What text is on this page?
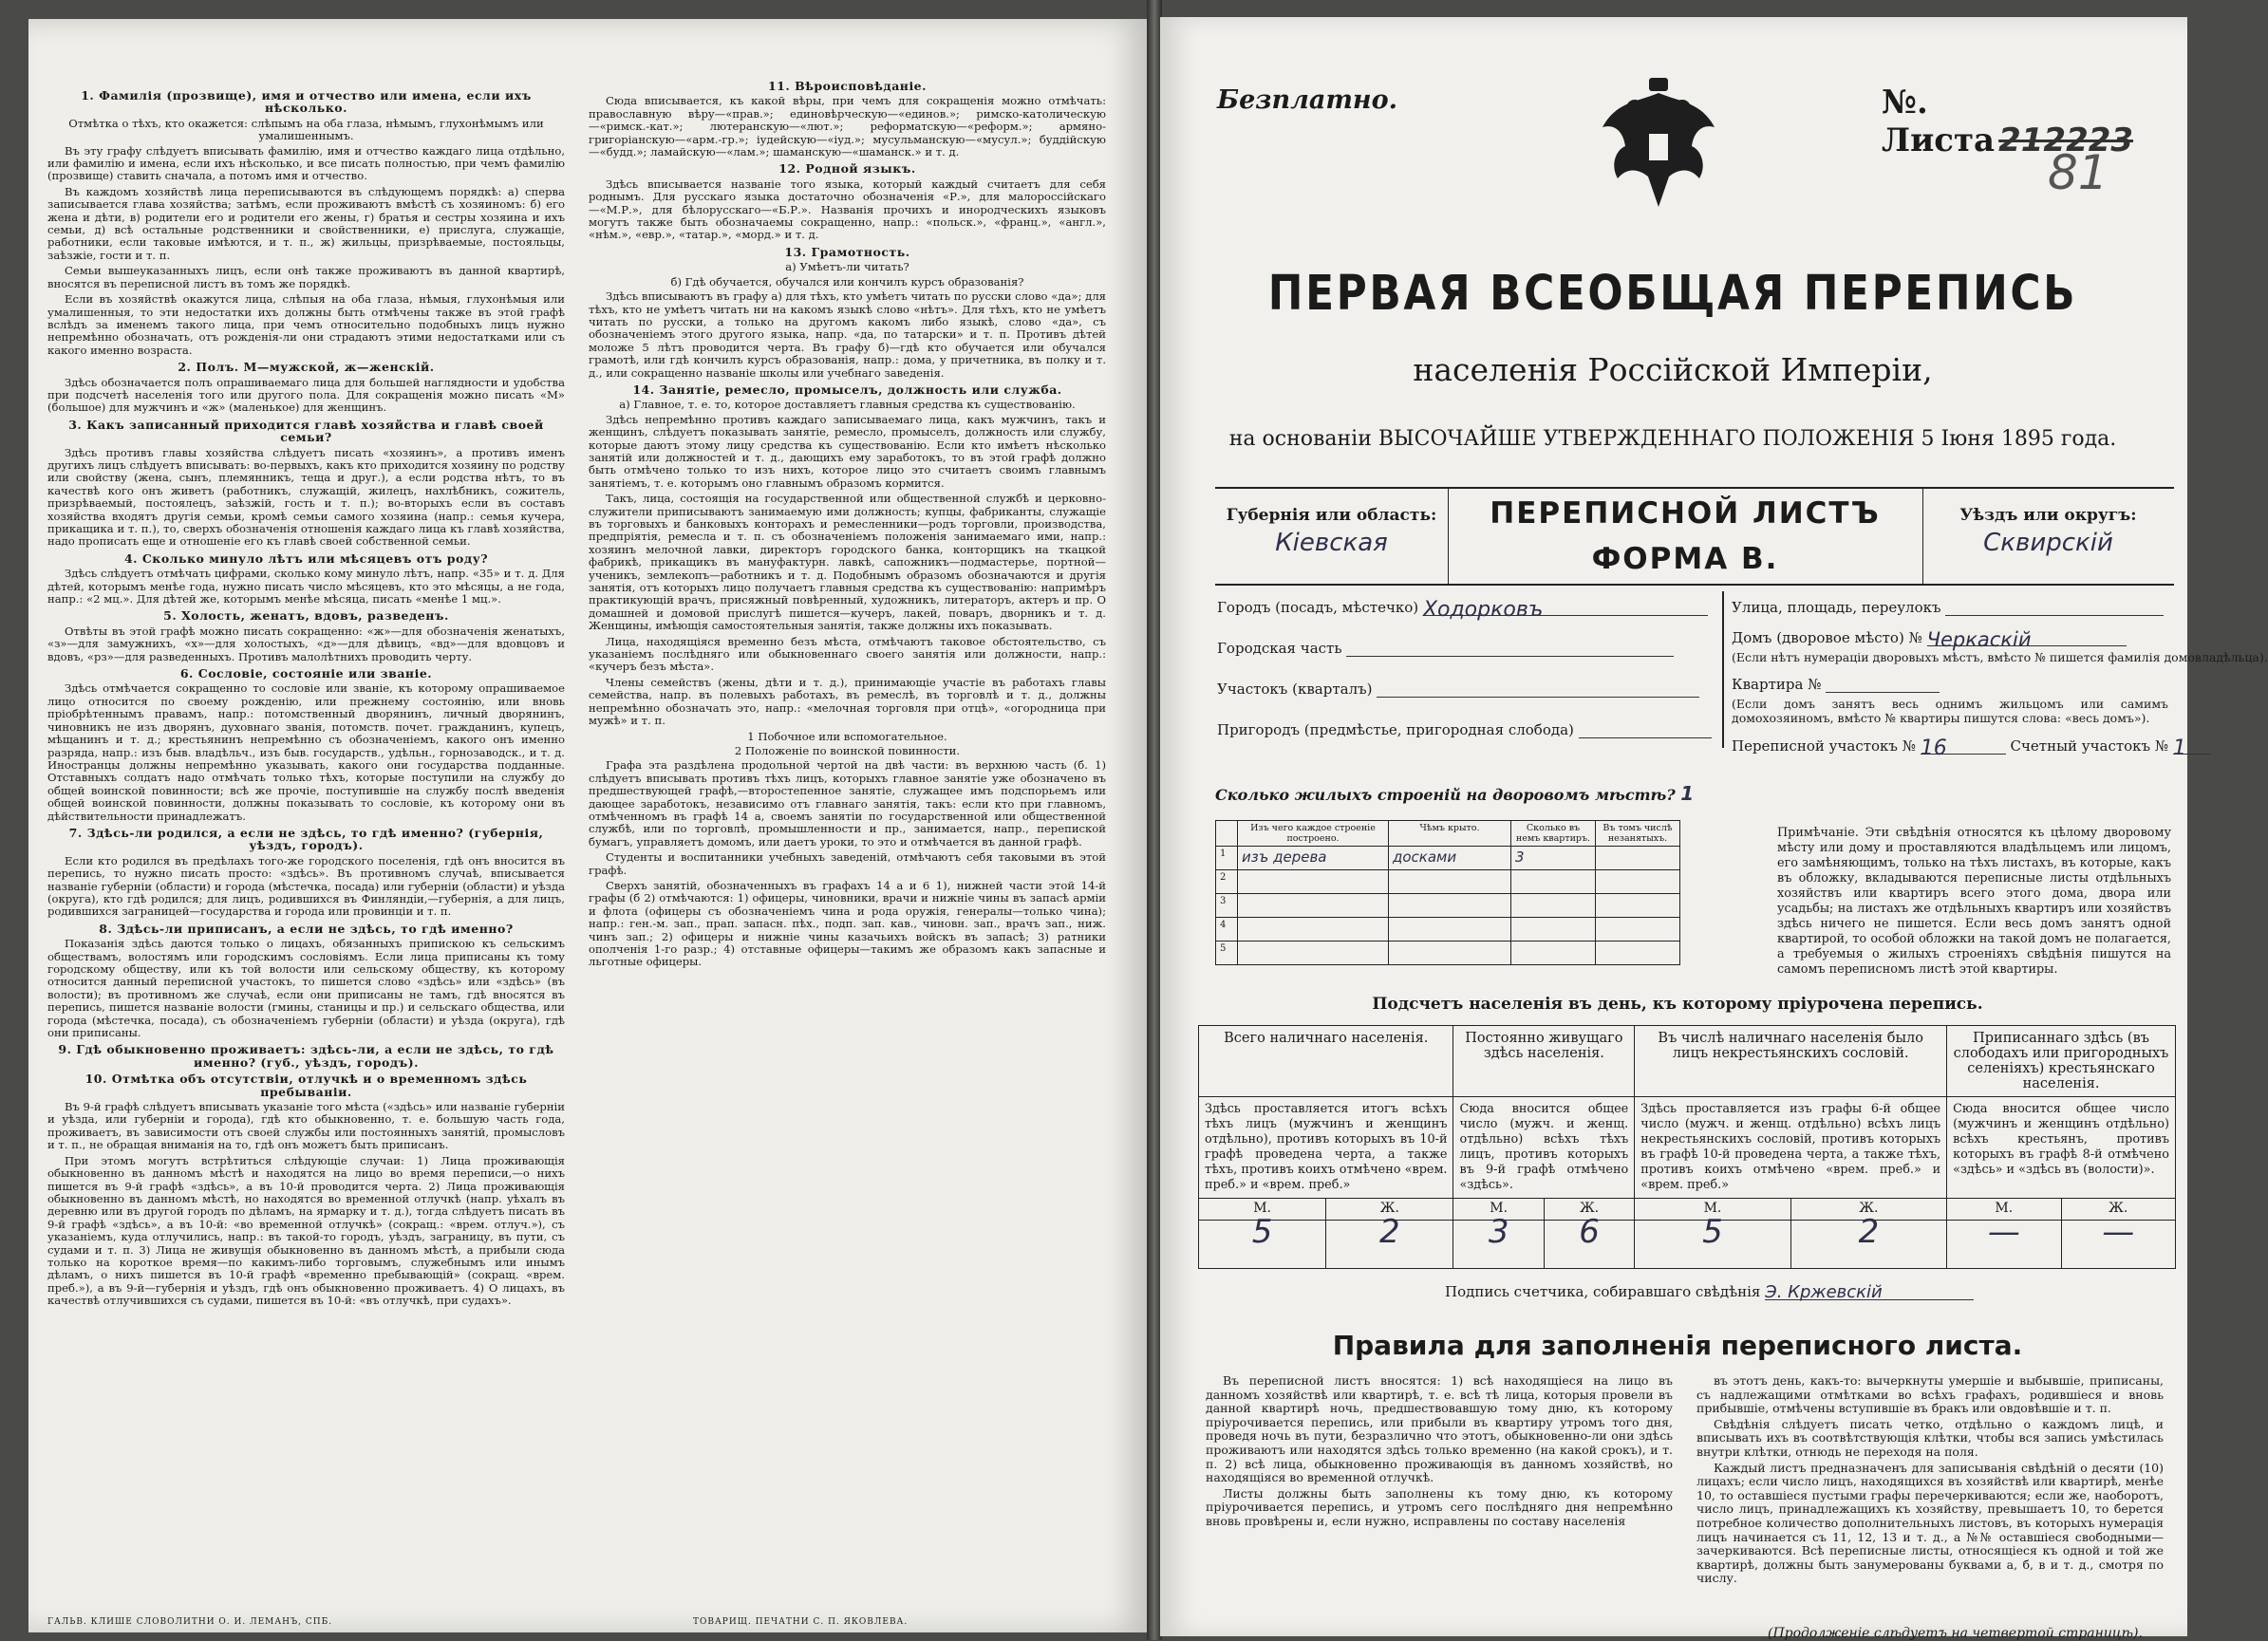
1. Фамилія (прозвище), имя и отчество или имена, если ихъ нѣсколько.
Отмѣтка о тѣхъ, кто окажется: слѣпымъ на оба глаза, нѣмымъ, глухонѣмымъ или умалишеннымъ.

Въ эту графу слѣдуетъ вписывать фамилію, имя и отчество каждаго лица отдѣльно, или фамилію и имена, если ихъ нѣсколько, и все писать полностью, при чемъ фамилію (прозвище) ставить сначала, а потомъ имя и отчество.

Въ каждомъ хозяйствѣ лица переписываются въ слѣдующемъ порядкѣ: а) сперва записывается глава хозяйства; затѣмъ, если проживаютъ вмѣстѣ съ хозяиномъ: б) его жена и дѣти, в) родители его и родители его жены, г) братья и сестры хозяина и ихъ семьи, д) всѣ остальные родственники и свойственники, е) прислуга, служащіе, работники, если таковые имѣются, и т. п., ж) жильцы, призрѣваемые, постояльцы, заѣзжіе, гости и т. п.

Семьи вышеуказанныхъ лицъ, если онѣ также проживаютъ въ данной квартирѣ, вносятся въ переписной листъ въ томъ же порядкѣ.

Если въ хозяйствѣ окажутся лица, слѣпыя на оба глаза, нѣмыя, глухонѣмыя или умалишенныя, то эти недостатки ихъ должны быть отмѣчены также въ этой графѣ вслѣдъ за именемъ такого лица, при чемъ относительно подобныхъ лицъ нужно непремѣнно обозначать, отъ рожденія-ли они страдаютъ этими недостатками или съ какого именно возраста.

2. Полъ. М—мужской, ж—женскій.

Здѣсь обозначается полъ опрашиваемаго лица для большей наглядности и удобства при подсчетѣ населенія того или другого пола. Для сокращенія можно писать «М» (большое) для мужчинъ и «ж» (маленькое) для женщинъ.

3. Какъ записанный приходится главѣ хозяйства и главѣ своей семьи?

Здѣсь противъ главы хозяйства слѣдуетъ писать «хозяинъ», а противъ именъ другихъ лицъ слѣдуетъ вписывать: во-первыхъ, какъ кто приходится хозяину по родству или свойству (жена, сынъ, племянникъ, теща и друг.), а если родства нѣтъ, то въ качествѣ кого онъ живетъ (работникъ, служащій, жилецъ, нахлѣбникъ, сожитель, призрѣваемый, постоялецъ, заѣзжій, гость и т. п.); во-вторыхъ если въ составъ хозяйства входятъ другія семьи, кромѣ семьи самого хозяина (напр.: семья кучера, прикащика и т. п.), то, сверхъ обозначенія отношенія каждаго лица къ главѣ хозяйства, надо прописать еще и отношеніе его къ главѣ своей собственной семьи.

4. Сколько минуло лѣтъ или мѣсяцевъ отъ роду?

Здѣсь слѣдуетъ отмѣчать цифрами, сколько кому минуло лѣтъ, напр. «35» и т. д. Для дѣтей, которымъ менѣе года, нужно писать число мѣсяцевъ, кто это мѣсяцы, а не года, напр.: «2 мц.». Для дѣтей же, которымъ менѣе мѣсяца, писать «менѣе 1 мц.».

5. Холость, женатъ, вдовъ, разведенъ.

Отвѣты въ этой графѣ можно писать сокращенно: «ж»—для обозначенія женатыхъ, «з»—для замужнихъ, «х»—для холостыхъ, «д»—для дѣвицъ, «вд»—для вдовцовъ и вдовъ, «рз»—для разведенныхъ. Противъ малолѣтнихъ проводить черту.

6. Сословіе, состояніе или званіе.

Здѣсь отмѣчается сокращенно то сословіе или званіе, къ которому опрашиваемое лицо относится по своему рожденію, или прежнему состоянію, или вновь пріобрѣтеннымъ правамъ, напр.: потомственный дворянинъ, личный дворянинъ, чиновникъ не изъ дворянъ, духовнаго званія, потомств. почет. гражданинъ, купецъ, мѣщанинъ и т. д.; крестьянинъ непремѣнно съ обозначеніемъ, какого онъ именно разряда, напр.: изъ быв. владѣльч., изъ быв. государств., удѣльн., горнозаводск., и т. д. Иностранцы должны непремѣнно указывать, какого они государства подданные. Отставныхъ солдатъ надо отмѣчать только тѣхъ, которые поступили на службу до общей воинской повинности; всѣ же прочіе, поступившіе на службу послѣ введенія общей воинской повинности, должны показывать то сословіе, къ которому они въ дѣйствительности принадлежатъ.

7. Здѣсь-ли родился, а если не здѣсь, то гдѣ именно? (губернія, уѣздъ, городъ).

Если кто родился въ предѣлахъ того-же городского поселенія, гдѣ онъ вносится въ перепись, то нужно писать просто: «здѣсь». Въ противномъ случаѣ, вписывается названіе губерніи (области) и города (мѣстечка, посада) или губерніи (области) и уѣзда (округа), кто гдѣ родился; для лицъ, родившихся въ Финляндіи,—губернія, а для лицъ, родившихся заграницей—государства и города или провинціи и т. п.

8. Здѣсь-ли приписанъ, а если не здѣсь, то гдѣ именно?

Показанія здѣсь даются только о лицахъ, обязанныхъ припискою къ сельскимъ обществамъ, волостямъ или городскимъ сословіямъ. Если лица приписаны къ тому городскому обществу, или къ той волости или сельскому обществу, къ которому относится данный переписной участокъ, то пишется слово «здѣсь» или «здѣсь» (въ волости); въ противномъ же случаѣ, если они приписаны не тамъ, гдѣ вносятся въ перепись, пишется названіе волости (гмины, станицы и пр.) и сельскаго общества, или города (мѣстечка, посада), съ обозначеніемъ губерніи (области) и уѣзда (округа), гдѣ они приписаны.

9. Гдѣ обыкновенно проживаетъ: здѣсь-ли, а если не здѣсь, то гдѣ именно? (губ., уѣздъ, городъ).
10. Отмѣтка объ отсутствіи, отлучкѣ и о временномъ здѣсь пребываніи.

Въ 9-й графѣ слѣдуетъ вписывать указаніе того мѣста («здѣсь» или названіе губерніи и уѣзда, или губерніи и города), гдѣ кто обыкновенно, т. е. большую часть года, проживаетъ, въ зависимости отъ своей службы или постоянныхъ занятій, промысловъ и т. п., не обращая вниманія на то, гдѣ онъ можетъ быть приписанъ.

При этомъ могутъ встрѣтиться слѣдующіе случаи: 1) Лица проживающія обыкновенно въ данномъ мѣстѣ и находятся на лицо во время переписи,—о нихъ пишется въ 9-й графѣ «здѣсь», а въ 10-й проводится черта. 2) Лица проживающія обыкновенно въ данномъ мѣстѣ, но находятся во временной отлучкѣ (напр. уѣхалъ въ деревню или въ другой городъ по дѣламъ, на ярмарку и т. д.), тогда слѣдуетъ писать въ 9-й графѣ «здѣсь», а въ 10-й: «во временной отлучкѣ» (сокращ.: «врем. отлуч.»), съ указаніемъ, куда отлучились, напр.: въ такой-то городъ, уѣздъ, заграницу, въ пути, съ судами и т. п. 3) Лица не живущія обыкновенно въ данномъ мѣстѣ, а прибыли сюда только на короткое время—по какимъ-либо торговымъ, служебнымъ или инымъ дѣламъ, о нихъ пишется въ 10-й графѣ «временно пребывающій» (сокращ. «врем. преб.»), а въ 9-й—губернія и уѣздъ, гдѣ онъ обыкновенно проживаетъ. 4) О лицахъ, въ качествѣ отлучившихся съ судами, пишется въ 10-й: «въ отлучкѣ, при судахъ».

ГАЛЬВ. КЛИШЕ СЛОВОЛИТНИ О. И. ЛЕМАНЪ, СПБ.
11. Вѣроисповѣданіе.

Сюда вписывается, къ какой вѣры, при чемъ для сокращенія можно отмѣчать: православную вѣру—«прав.»; единовѣрческую—«единов.»; римско-католическую—«римск.-кат.»; лютеранскую—«лют.»; реформатскую—«реформ.»; армяно-григоріанскую—«арм.-гр.»; іудейскую—«іуд.»; мусульманскую—«мусул.»; буддійскую—«будд.»; ламайскую—«лам.»; шаманскую—«шаманск.» и т. д.

12. Родной языкъ.

Здѣсь вписывается названіе того языка, который каждый считаетъ для себя роднымъ. Для русскаго языка достаточно обозначенія «Р.», для малороссійскаго—«М.Р.», для бѣлорусскаго—«Б.Р.». Названія прочихъ и инородческихъ языковъ могутъ также быть обозначаемы сокращенно, напр.: «польск.», «франц.», «англ.», «нѣм.», «евр.», «татар.», «морд.» и т. д.

13. Грамотность.
а) Умѣетъ-ли читать?
б) Гдѣ обучается, обучался или кончилъ курсъ образованія?

Здѣсь вписываютъ въ графу а) для тѣхъ, кто умѣетъ читать по русски слово «да»; для тѣхъ, кто не умѣетъ читать ни на какомъ языкѣ слово «нѣтъ». Для тѣхъ, кто не умѣетъ читать по русски, а только на другомъ какомъ либо языкѣ, слово «да», съ обозначеніемъ этого другого языка, напр. «да, по татарски» и т. п. Противъ дѣтей моложе 5 лѣтъ проводится черта. Въ графу б)—гдѣ кто обучается или обучался грамотѣ, или гдѣ кончилъ курсъ образованія, напр.: дома, у причетника, въ полку и т. д., или сокращенно названіе школы или учебнаго заведенія.

14. Занятіе, ремесло, промыселъ, должность или служба.
а) Главное, т. е. то, которое доставляетъ главныя средства къ существованію.

Здѣсь непремѣнно противъ каждаго записываемаго лица, какъ мужчинъ, такъ и женщинъ, слѣдуетъ показывать занятіе, ремесло, промыселъ, должность или службу, которые даютъ этому лицу средства къ существованію. Если кто имѣетъ нѣсколько занятій или должностей и т. д., дающихъ ему заработокъ, то въ этой графѣ должно быть отмѣчено только то изъ нихъ, которое лицо это считаетъ своимъ главнымъ занятіемъ, т. е. которымъ оно главнымъ образомъ кормится.

Такъ, лица, состоящія на государственной или общественной службѣ и церковно-служители приписываютъ занимаемую ими должность; купцы, фабриканты, служащіе въ торговыхъ и банковыхъ конторахъ и ремесленники—родъ торговли, производства, предпріятія, ремесла и т. п. съ обозначеніемъ положенія занимаемаго ими, напр.: хозяинъ мелочной лавки, директоръ городского банка, конторщикъ на ткацкой фабрикѣ, прикащикъ въ мануфактурн. лавкѣ, сапожникъ—подмастерье, портной—ученикъ, землекопъ—работникъ и т. д. Подобнымъ образомъ обозначаются и другія занятія, отъ которыхъ лицо получаетъ главныя средства къ существованію: напримѣръ практикующій врачъ, присяжный повѣренный, художникъ, литераторъ, актеръ и пр. О домашней и домовой прислугѣ пишется—кучеръ, лакей, поваръ, дворникъ и т. д. Женщины, имѣющія самостоятельныя занятія, также должны ихъ показывать.

Лица, находящіяся временно безъ мѣста, отмѣчаютъ таковое обстоятельство, съ указаніемъ послѣдняго или обыкновеннаго своего занятія или должности, напр.: «кучеръ безъ мѣста».

Члены семействъ (жены, дѣти и т. д.), принимающіе участіе въ работахъ главы семейства, напр. въ полевыхъ работахъ, въ ремеслѣ, въ торговлѣ и т. д., должны непремѣнно обозначать это, напр.: «мелочная торговля при отцѣ», «огородница при мужѣ» и т. п.

1 Побочное или вспомогательное.
2 Положеніе по воинской повинности.

Графа эта раздѣлена продольной чертой на двѣ части: въ верхнюю часть (б. 1) слѣдуетъ вписывать противъ тѣхъ лицъ, которыхъ главное занятіе уже обозначено въ предшествующей графѣ,—второстепенное занятіе, служащее имъ подспорьемъ или дающее заработокъ, независимо отъ главнаго занятія, такъ: если кто при главномъ, отмѣченномъ въ графѣ 14 а, своемъ занятіи по государственной или общественной службѣ, или по торговлѣ, промышленности и пр., занимается, напр., перепиской бумагъ, управляетъ домомъ, или даетъ уроки, то это и отмѣчается въ данной графѣ.

Студенты и воспитанники учебныхъ заведеній, отмѣчаютъ себя таковыми въ этой графѣ.

Сверхъ занятій, обозначенныхъ въ графахъ 14 а и 6 1), нижней части этой 14-й графы (б 2) отмѣчаются: 1) офицеры, чиновники, врачи и нижніе чины въ запасѣ арміи и флота (офицеры съ обозначеніемъ чина и рода оружія, генералы—только чина); напр.: ген.-м. зап., прап. запасн. пѣх., подп. зап. кав., чиновн. зап., врачъ зап., ниж. чинъ зап.; 2) офицеры и нижніе чины казачьихъ войскъ въ запасѣ; 3) ратники ополченія 1-го разр.; 4) отставные офицеры—такимъ же образомъ какъ запасные и льготные офицеры.

ТОВАРИЩ. ПЕЧАТНИ С. П. ЯКОВЛЕВА.
Безплатно.	№. Листа 212223
81
ПЕРВАЯ ВСЕОБЩАЯ ПЕРЕПИСЬ
населенія Россійской Имперіи,
на основаніи ВЫСОЧАЙШЕ УТВЕРЖДЕННАГО ПОЛОЖЕНІЯ 5 Іюня 1895 года.
Губернія или область:
Кіевская
ПЕРЕПИСНОЙ ЛИСТЪ
ФОРМА В.
Уѣздъ или округъ:
Сквирскій
Городъ (посадъ, мѣстечко) Ходорковъ
Городская часть
Участокъ (кварталъ)
Пригородъ (предмѣстье, пригородная слобода)
Улица, площадь, переулокъ
Домъ (дворовое мѣсто) № Черкаскій
(Если нѣтъ нумераціи дворовыхъ мѣстъ, вмѣсто № пишется фамилія домовладѣльца).
Квартира №
(Если домъ занятъ весь однимъ жильцомъ или самимъ домохозяиномъ, вмѣсто № квартиры пишутся слова: «весь домъ»).
Переписной участокъ № 16	Счетный участокъ № 1
Сколько жилыхъ строеній на дворовомъ мѣстѣ? 1
	Изъ чего каждое строеніе построено.	Чѣмъ крыто.	Сколько въ немъ квартиръ.	Въ томъ числѣ незанятыхъ.
1	изъ дерева	досками	3	
2				
3				
4				
5				
Примѣчаніе. Эти свѣдѣнія относятся къ цѣлому дворовому мѣсту или дому и проставляются владѣльцемъ или лицомъ, его замѣняющимъ, только на тѣхъ листахъ, въ которые, какъ въ обложку, вкладываются переписные листы отдѣльныхъ хозяйствъ или квартиръ всего этого дома, двора или усадьбы; на листахъ же отдѣльныхъ квартиръ или хозяйствъ здѣсь ничего не пишется. Если весь домъ занятъ одной квартирой, то особой обложки на такой домъ не полагается, а требуемыя о жилыхъ строеніяхъ свѣдѣнія пишутся на самомъ переписномъ листѣ этой квартиры.
Подсчетъ населенія въ день, къ которому пріурочена перепись.
Всего наличнаго населенія.		Постоянно живущаго здѣсь населенія.		Въ числѣ наличнаго населенія было лицъ некрестьянскихъ сословій.		Приписаннаго здѣсь (въ слободахъ или пригородныхъ селеніяхъ) крестьянскаго населенія.	
Здѣсь проставляется итогъ всѣхъ тѣхъ лицъ (мужчинъ и женщинъ отдѣльно), противъ которыхъ въ 10-й графѣ проведена черта, а также тѣхъ, противъ коихъ отмѣчено «врем. преб.» и «врем. преб.»		Сюда вносится общее число (мужч. и женщ. отдѣльно) всѣхъ тѣхъ лицъ, противъ которыхъ въ 9-й графѣ отмѣчено «здѣсь».		Здѣсь проставляется изъ графы 6-й общее число (мужч. и женщ. отдѣльно) всѣхъ лицъ некрестьянскихъ сословій, противъ которыхъ въ графѣ 10-й проведена черта, а также тѣхъ, противъ коихъ отмѣчено «врем. преб.» и «врем. преб.»		Сюда вносится общее число (мужчинъ и женщинъ отдѣльно) всѣхъ крестьянъ, противъ которыхъ въ графѣ 8-й отмѣчено «здѣсь» и «здѣсь въ (волости)».	
М.	Ж.	М.	Ж.	М.	Ж.	М.	Ж.
5	2	3	6	5	2	—	—
Подпись счетчика, собиравшаго свѣдѣнія Э. Кржевскій
Правила для заполненія переписного листа.

Въ переписной листъ вносятся: 1) всѣ находящіеся на лицо въ данномъ хозяйствѣ или квартирѣ, т. е. всѣ тѣ лица, которыя провели въ данной квартирѣ ночь, предшествовавшую тому дню, къ которому пріурочивается перепись, или прибыли въ квартиру утромъ того дня, проведя ночь въ пути, безразлично что этотъ, обыкновенно-ли они здѣсь проживаютъ или находятся здѣсь только временно (на какой срокъ), и т. п. 2) всѣ лица, обыкновенно проживающія въ данномъ хозяйствѣ, но находящіяся во временной отлучкѣ.

Листы должны быть заполнены къ тому дню, къ которому пріурочивается перепись, и утромъ сего послѣдняго дня непремѣнно вновь провѣрены и, если нужно, исправлены по составу населенія

въ этотъ день, какъ-то: вычеркнуты умершіе и выбывшіе, приписаны, съ надлежащими отмѣтками во всѣхъ графахъ, родившіеся и вновь прибывшіе, отмѣчены вступившіе въ бракъ или овдовѣвшіе и т. п.

Свѣдѣнія слѣдуетъ писать четко, отдѣльно о каждомъ лицѣ, и вписывать ихъ въ соотвѣтствующія клѣтки, чтобы вся запись умѣстилась внутри клѣтки, отнюдь не переходя на поля.

Каждый листъ предназначенъ для записыванія свѣдѣній о десяти (10) лицахъ; если число лицъ, находящихся въ хозяйствѣ или квартирѣ, менѣе 10, то оставшіеся пустыми графы перечеркиваются; если же, наоборотъ, число лицъ, принадлежащихъ къ хозяйству, превышаетъ 10, то берется потребное количество дополнительныхъ листовъ, въ которыхъ нумерація лицъ начинается съ 11, 12, 13 и т. д., а №№ оставшіеся свободными—зачеркиваются. Всѣ переписные листы, относящіеся къ одной и той же квартирѣ, должны быть занумерованы буквами а, б, в и т. д., смотря по числу.

(Продолженіе слѣдуетъ на четвертой страницѣ).
